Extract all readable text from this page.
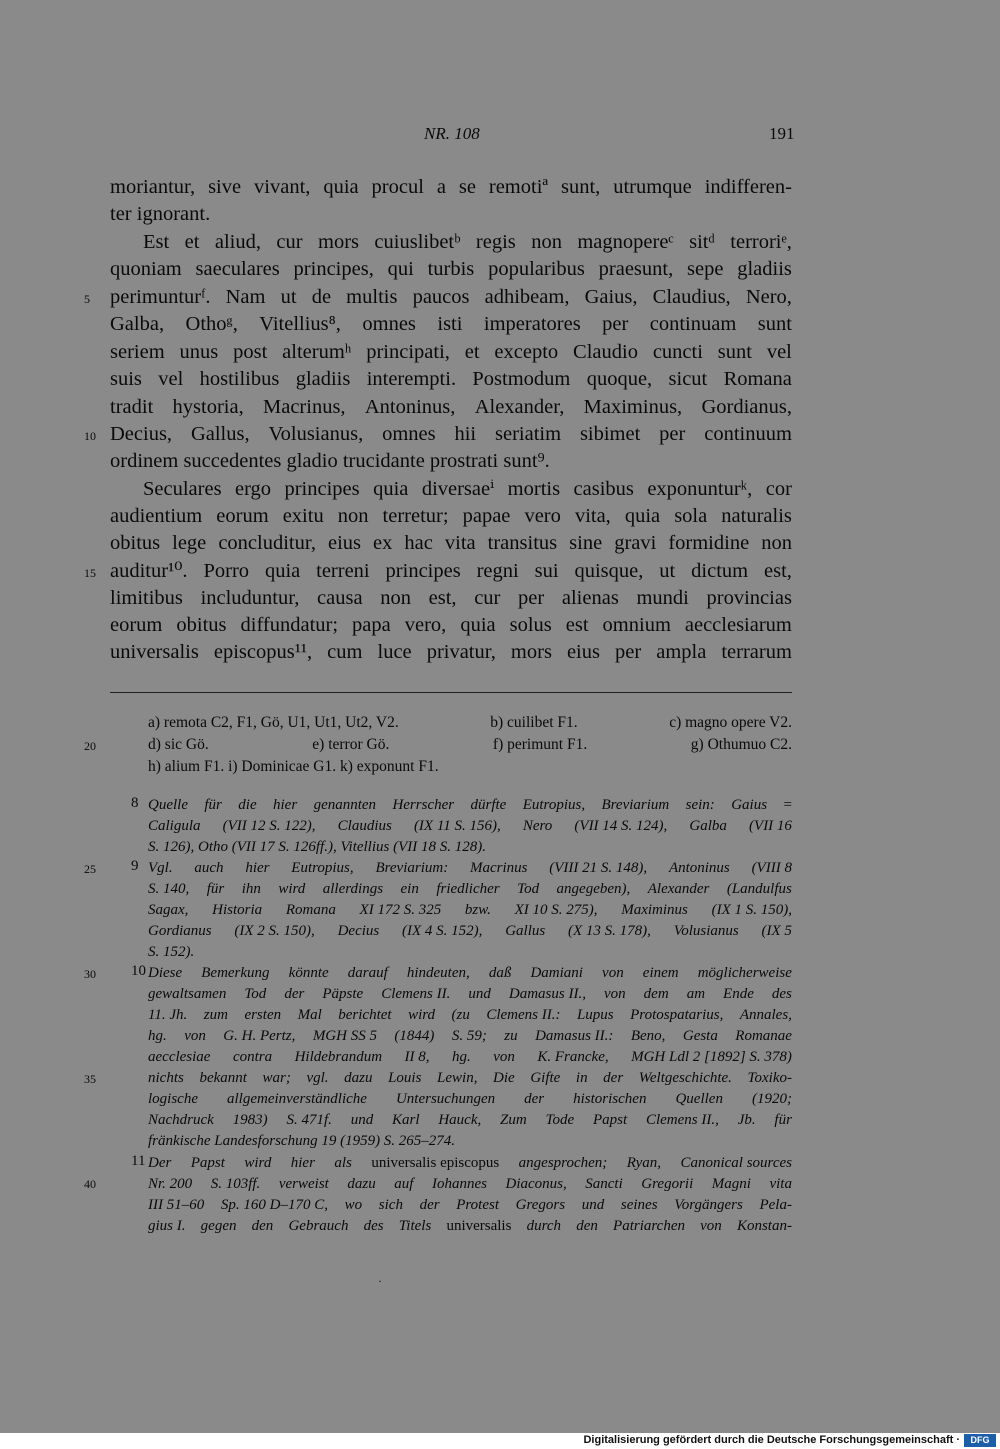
NR. 108	191
moriantur, sive vivant, quia procul a se remotiª sunt, utrumque indifferen-
ter ignorant.
Est et aliud, cur mors cuiuslibetᵇ regis non magnopereᶜ sitᵈ terroriᵉ,
quoniam saeculares principes, qui turbis popularibus praesunt, sepe gladiis
perimunturᶠ. Nam ut de multis paucos adhibeam, Gaius, Claudius, Nero,
Galba, Othoᵍ, Vitellius⁸, omnes isti imperatores per continuam sunt
seriem unus post alterumʰ principati, et excepto Claudio cuncti sunt vel
suis vel hostilibus gladiis interempti. Postmodum quoque, sicut Romana
tradit hystoria, Macrinus, Antoninus, Alexander, Maximinus, Gordianus,
Decius, Gallus, Volusianus, omnes hii seriatim sibimet per continuum
ordinem succedentes gladio trucidante prostrati sunt⁹.
Seculares ergo principes quia diversaeⁱ mortis casibus exponunturᵏ, cor
audientium eorum exitu non terretur; papae vero vita, quia sola naturalis
obitus lege concluditur, eius ex hac vita transitus sine gravi formidine non
auditur¹⁰. Porro quia terreni principes regni sui quisque, ut dictum est,
limitibus includuntur, causa non est, cur per alienas mundi provincias
eorum obitus diffundatur; papa vero, quia solus est omnium aecclesiarum
universalis episcopus¹¹, cum luce privatur, mors eius per ampla terrarum
5
10
15
20
25
30
35
40
a) remota C2, F1, Gö, U1, Ut1, Ut2, V2.	b) cuilibet F1.	c) magno opere V2.
d) sic Gö.	e) terror Gö.	f) perimunt F1.	g) Othumuo C2.
h) alium F1. i) Dominicae G1. k) exponunt F1.
8 Quelle für die hier genannten Herrscher dürfte Eutropius, Breviarium sein: Gaius =
Caligula (VII 12 S. 122), Claudius (IX 11 S. 156), Nero (VII 14 S. 124), Galba (VII 16
S. 126), Otho (VII 17 S. 126ff.), Vitellius (VII 18 S. 128).
9 Vgl. auch hier Eutropius, Breviarium: Macrinus (VIII 21 S. 148), Antoninus (VIII 8
S. 140, für ihn wird allerdings ein friedlicher Tod angegeben), Alexander (Landulfus
Sagax, Historia Romana XI 172 S. 325 bzw. XI 10 S. 275), Maximinus (IX 1 S. 150),
Gordianus (IX 2 S. 150), Decius (IX 4 S. 152), Gallus (X 13 S. 178), Volusianus (IX 5
S. 152).
10 Diese Bemerkung könnte darauf hindeuten, daß Damiani von einem möglicherweise
gewaltsamen Tod der Päpste Clemens II. und Damasus II., von dem am Ende des
11. Jh. zum ersten Mal berichtet wird (zu Clemens II.: Lupus Protospatarius, Annales,
hg. von G. H. Pertz, MGH SS 5 (1844) S. 59; zu Damasus II.: Beno, Gesta Romanae
aecclesiae contra Hildebrandum II 8, hg. von K. Francke, MGH Ldl 2 [1892] S. 378)
nichts bekannt war; vgl. dazu Louis Lewin, Die Gifte in der Weltgeschichte. Toxiko-
logische allgemeinverständliche Untersuchungen der historischen Quellen (1920;
Nachdruck 1983) S. 471f. und Karl Hauck, Zum Tode Papst Clemens II., Jb. für
fränkische Landesforschung 19 (1959) S. 265–274.
11 Der Papst wird hier als universalis episcopus angesprochen; Ryan, Canonical sources
Nr. 200 S. 103ff. verweist dazu auf Iohannes Diaconus, Sancti Gregorii Magni vita
III 51–60 Sp. 160 D–170 C, wo sich der Protest Gregors und seines Vorgängers Pela-
gius I. gegen den Gebrauch des Titels universalis durch den Patriarchen von Konstan-
·
Digitalisierung gefördert durch die Deutsche Forschungsgemeinschaft ·	DFG
